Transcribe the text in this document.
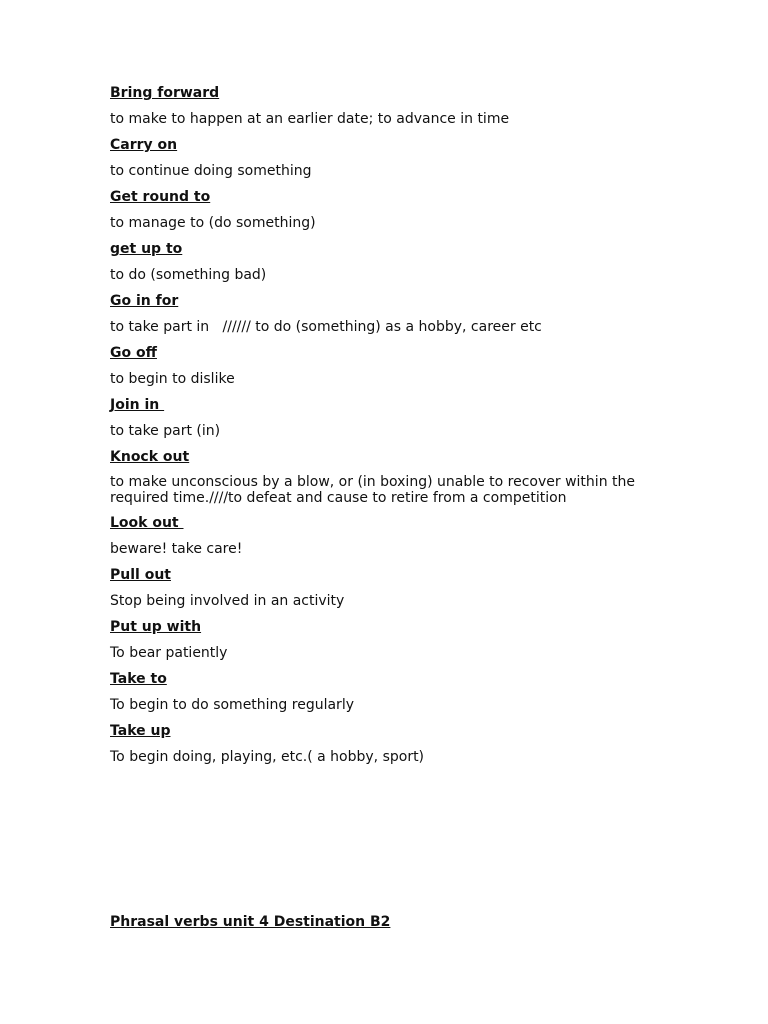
Bring forward
to make to happen at an earlier date; to advance in time
Carry on
to continue doing something
Get round to
to manage to (do something)
get up to
to do (something bad)
Go in for
to take part in   ////// to do (something) as a hobby, career etc
Go off
to begin to dislike
Join in
to take part (in)
Knock out
to make unconscious by a blow, or (in boxing) unable to recover within the required time.////to defeat and cause to retire from a competition
Look out
beware! take care!
Pull out
Stop being involved in an activity
Put up with
To bear patiently
Take to
To begin to do something regularly
Take up
To begin doing, playing, etc.( a hobby, sport)
Phrasal verbs unit 4 Destination B2
